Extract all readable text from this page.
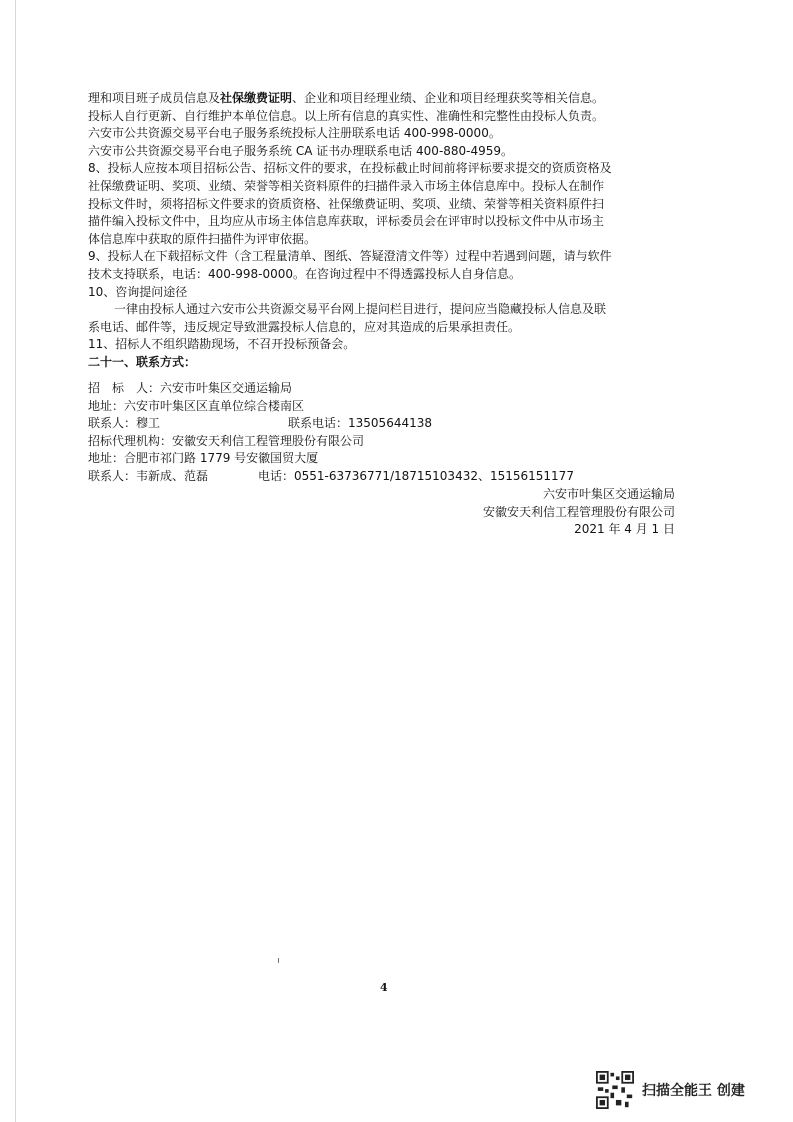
理和项目班子成员信息及社保缴费证明、企业和项目经理业绩、企业和项目经理获奖等相关信息。

投标人自行更新、自行维护本单位信息。以上所有信息的真实性、准确性和完整性由投标人负责。

六安市公共资源交易平台电子服务系统投标人注册联系电话 400-998-0000。

六安市公共资源交易平台电子服务系统 CA 证书办理联系电话 400-880-4959。

8、投标人应按本项目招标公告、招标文件的要求，在投标截止时间前将评标要求提交的资质资格及

社保缴费证明、奖项、业绩、荣誉等相关资料原件的扫描件录入市场主体信息库中。投标人在制作

投标文件时，须将招标文件要求的资质资格、社保缴费证明、奖项、业绩、荣誉等相关资料原件扫

描件编入投标文件中，且均应从市场主体信息库获取，评标委员会在评审时以投标文件中从市场主

体信息库中获取的原件扫描件为评审依据。

9、投标人在下载招标文件（含工程量清单、图纸、答疑澄清文件等）过程中若遇到问题，请与软件

技术支持联系，电话：400-998-0000。在咨询过程中不得透露投标人自身信息。

10、咨询提问途径

一律由投标人通过六安市公共资源交易平台网上提问栏目进行，提问应当隐藏投标人信息及联

系电话、邮件等，违反规定导致泄露投标人信息的，应对其造成的后果承担责任。

11、招标人不组织踏勘现场，不召开投标预备会。

二十一、联系方式：

招　标　人：六安市叶集区交通运输局

地址：六安市叶集区区直单位综合楼南区

联系人：穆工	联系电话： 13505644138

招标代理机构：安徽安天利信工程管理股份有限公司

地址：合肥市祁门路 1779 号安徽国贸大厦

联系人：韦新成、范磊	电话：0551-63736771/18715103432、15156151177

六安市叶集区交通运输局

安徽安天利信工程管理股份有限公司

2021 年 4 月 1 日

4
扫描全能王 创建
